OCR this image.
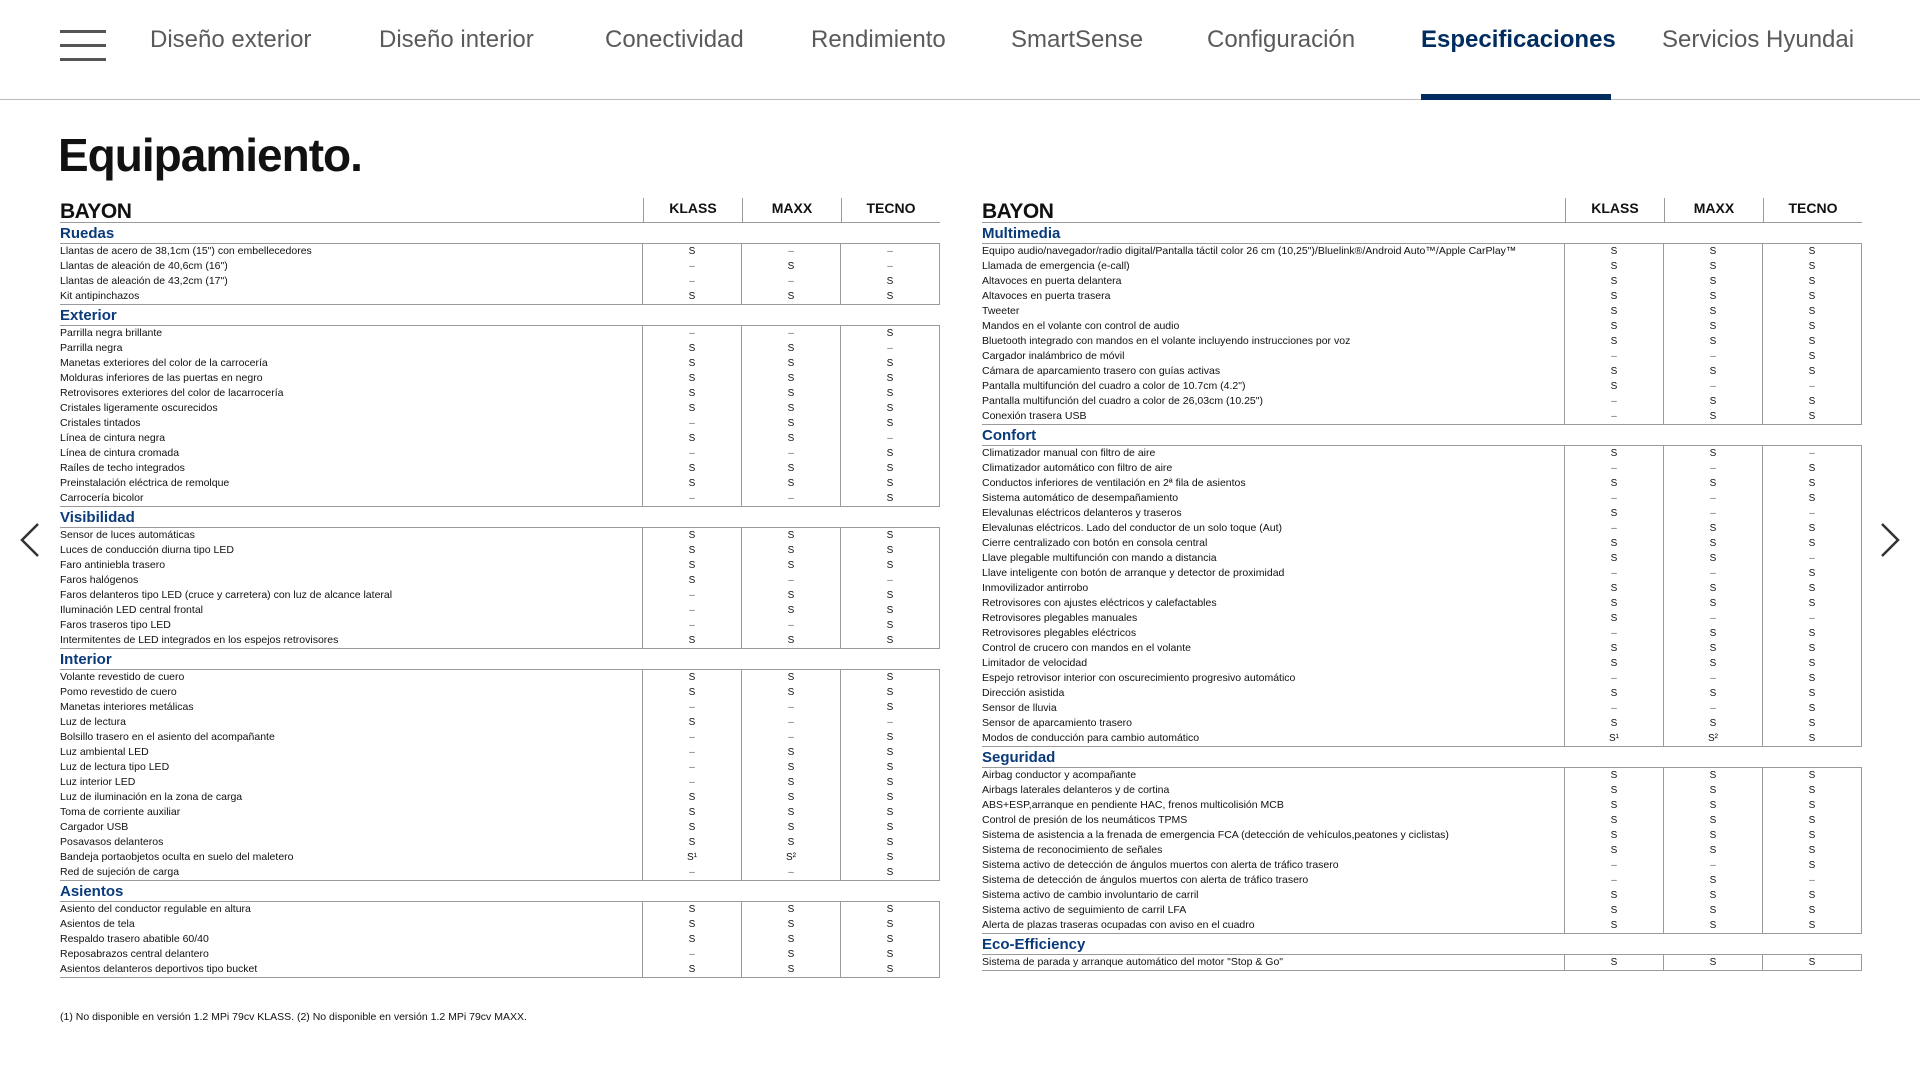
Diseño exterior	Diseño interior	Conectividad	Rendimiento	SmartSense	Configuración	Especificaciones Servicios Hyundai
Equipamiento.
BAYON	KLASS	MAXX	TECNO
Ruedas
Llantas de acero de 38,1cm (15") con embellecedores	S	–	–
Llantas de aleación de 40,6cm (16")	–	S	–
Llantas de aleación de 43,2cm (17")	–	–	S
Kit antipinchazos	S	S	S
Exterior
Parrilla negra brillante	–	–	S
Parrilla negra	S	S	–
Manetas exteriores del color de la carrocería	S	S	S
Molduras inferiores de las puertas en negro	S	S	S
Retrovisores exteriores del color de lacarrocería	S	S	S
Cristales ligeramente oscurecidos	S	S	S
Cristales tintados	–	S	S
Línea de cintura negra	S	S	–
Línea de cintura cromada	–	–	S
Raíles de techo integrados	S	S	S
Preinstalación eléctrica de remolque	S	S	S
Carrocería bicolor	–	–	S
Visibilidad
Sensor de luces automáticas	S	S	S
Luces de conducción diurna tipo LED	S	S	S
Faro antiniebla trasero	S	S	S
Faros halógenos	S	–	–
Faros delanteros tipo LED (cruce y carretera) con luz de alcance lateral	–	S	S
Iluminación LED central frontal	–	S	S
Faros traseros tipo LED	–	–	S
Intermitentes de LED integrados en los espejos retrovisores	S	S	S
Interior
Volante revestido de cuero	S	S	S
Pomo revestido de cuero	S	S	S
Manetas interiores metálicas	–	–	S
Luz de lectura	S	–	–
Bolsillo trasero en el asiento del acompañante	–	–	S
Luz ambiental LED	–	S	S
Luz de lectura tipo LED	–	S	S
Luz interior LED	–	S	S
Luz de iluminación en la zona de carga	S	S	S
Toma de corriente auxiliar	S	S	S
Cargador USB	S	S	S
Posavasos delanteros	S	S	S
Bandeja portaobjetos oculta en suelo del maletero	S¹	S²	S
Red de sujeción de carga	–	–	S
Asientos
Asiento del conductor regulable en altura	S	S	S
Asientos de tela	S	S	S
Respaldo trasero abatible 60/40	S	S	S
Reposabrazos central delantero	–	S	S
Asientos delanteros deportivos tipo bucket	S	S	S
BAYON	KLASS	MAXX	TECNO
Multimedia
Equipo audio/navegador/radio digital/Pantalla táctil color 26 cm (10,25")/Bluelink®/Android Auto™/Apple CarPlay™	S	S	S
Llamada de emergencia (e-call)	S	S	S
Altavoces en puerta delantera	S	S	S
Altavoces en puerta trasera	S	S	S
Tweeter	S	S	S
Mandos en el volante con control de audio	S	S	S
Bluetooth integrado con mandos en el volante incluyendo instrucciones por voz	S	S	S
Cargador inalámbrico de móvil	–	–	S
Cámara de aparcamiento trasero con guías activas	S	S	S
Pantalla multifunción del cuadro a color de 10.7cm (4.2")	S	–	–
Pantalla multifunción del cuadro a color de 26,03cm (10.25")	–	S	S
Conexión trasera USB	–	S	S
Confort
Climatizador manual con filtro de aire	S	S	–
Climatizador automático con filtro de aire	–	–	S
Conductos inferiores de ventilación en 2ª fila de asientos	S	S	S
Sistema automático de desempañamiento	–	–	S
Elevalunas eléctricos delanteros y traseros	S	–	–
Elevalunas eléctricos. Lado del conductor de un solo toque (Aut)	–	S	S
Cierre centralizado con botón en consola central	S	S	S
Llave plegable multifunción con mando a distancia	S	S	–
Llave inteligente con botón de arranque y detector de proximidad	–	–	S
Inmovilizador antirrobo	S	S	S
Retrovisores con ajustes eléctricos y calefactables	S	S	S
Retrovisores plegables manuales	S	–	–
Retrovisores plegables eléctricos	–	S	S
Control de crucero con mandos en el volante	S	S	S
Limitador de velocidad	S	S	S
Espejo retrovisor interior con oscurecimiento progresivo automático	–	–	S
Dirección asistida	S	S	S
Sensor de lluvia	–	–	S
Sensor de aparcamiento trasero	S	S	S
Modos de conducción para cambio automático	S¹	S²	S
Seguridad
Airbag conductor y acompañante	S	S	S
Airbags laterales delanteros y de cortina	S	S	S
ABS+ESP,arranque en pendiente HAC, frenos multicolisión MCB	S	S	S
Control de presión de los neumáticos TPMS	S	S	S
Sistema de asistencia a la frenada de emergencia FCA (detección de vehículos,peatones y ciclistas)	S	S	S
Sistema de reconocimiento de señales	S	S	S
Sistema activo de detección de ángulos muertos con alerta de tráfico trasero	–	–	S
Sistema de detección de ángulos muertos con alerta de tráfico trasero	–	S	–
Sistema activo de cambio involuntario de carril	S	S	S
Sistema activo de seguimiento de carril LFA	S	S	S
Alerta de plazas traseras ocupadas con aviso en el cuadro	S	S	S
Eco-Efficiency
Sistema de parada y arranque automático del motor "Stop & Go"	S	S	S
(1) No disponible en versión 1.2 MPi 79cv KLASS. (2) No disponible en versión 1.2 MPi 79cv MAXX.
